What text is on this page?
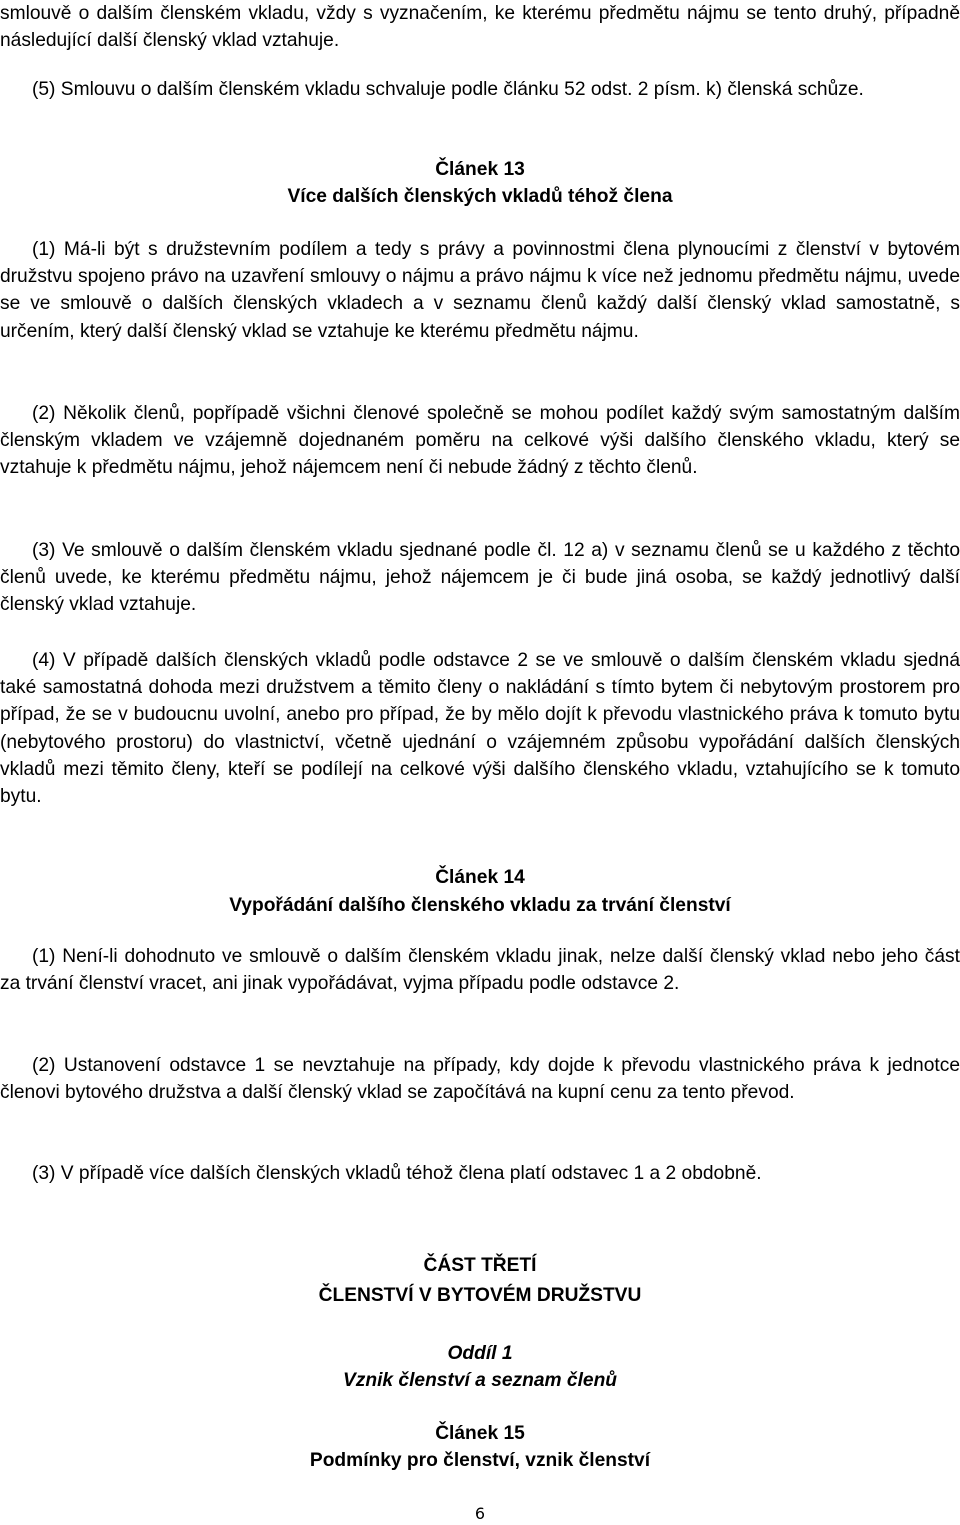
smlouvě o dalším členském vkladu, vždy s vyznačením, ke kterému předmětu nájmu se tento druhý, případně následující další členský vklad vztahuje.
(5) Smlouvu o dalším členském vkladu schvaluje podle článku 52 odst. 2 písm. k) členská schůze.
Článek 13
Více dalších členských vkladů téhož člena
(1) Má-li být s družstevním podílem a tedy s právy a povinnostmi člena plynoucími z členství v bytovém družstvu spojeno právo na uzavření smlouvy o nájmu a právo nájmu k více než jednomu předmětu nájmu, uvede se ve smlouvě o dalších členských vkladech a v seznamu členů každý další členský vklad samostatně, s určením, který další členský vklad se vztahuje ke kterému předmětu nájmu.
(2) Několik členů, popřípadě všichni členové společně se mohou podílet každý svým samostatným dalším členským vkladem ve vzájemně dojednaném poměru na celkové výši dalšího členského vkladu, který se vztahuje k předmětu nájmu, jehož nájemcem není či nebude žádný z těchto členů.
(3) Ve smlouvě o dalším členském vkladu sjednané podle čl. 12 a) v seznamu členů se u každého z těchto členů uvede, ke kterému předmětu nájmu, jehož nájemcem je či bude jiná osoba, se každý jednotlivý další členský vklad vztahuje.
(4) V případě dalších členských vkladů podle odstavce 2 se ve smlouvě o dalším členském vkladu sjedná také samostatná dohoda mezi družstvem a těmito členy o nakládání s tímto bytem či nebytovým prostorem pro případ, že se v budoucnu uvolní, anebo pro případ, že by mělo dojít k převodu vlastnického práva k tomuto bytu (nebytového prostoru) do vlastnictví, včetně ujednání o vzájemném způsobu vypořádání dalších členských vkladů mezi těmito členy, kteří se podílejí na celkové výši dalšího členského vkladu, vztahujícího se k tomuto bytu.
Článek 14
Vypořádání dalšího členského vkladu za trvání členství
(1) Není-li dohodnuto ve smlouvě o dalším členském vkladu jinak, nelze další členský vklad nebo jeho část za trvání členství vracet, ani jinak vypořádávat, vyjma případu podle odstavce 2.
(2) Ustanovení odstavce 1 se nevztahuje na případy, kdy dojde k převodu vlastnického práva k jednotce členovi bytového družstva a další členský vklad se započítává na kupní cenu za tento převod.
(3) V případě více dalších členských vkladů téhož člena platí odstavec 1 a 2 obdobně.
ČÁST TŘETÍ
ČLENSTVÍ V BYTOVÉM DRUŽSTVU
Oddíl 1
Vznik členství a seznam členů
Článek 15
Podmínky pro členství, vznik členství
6
